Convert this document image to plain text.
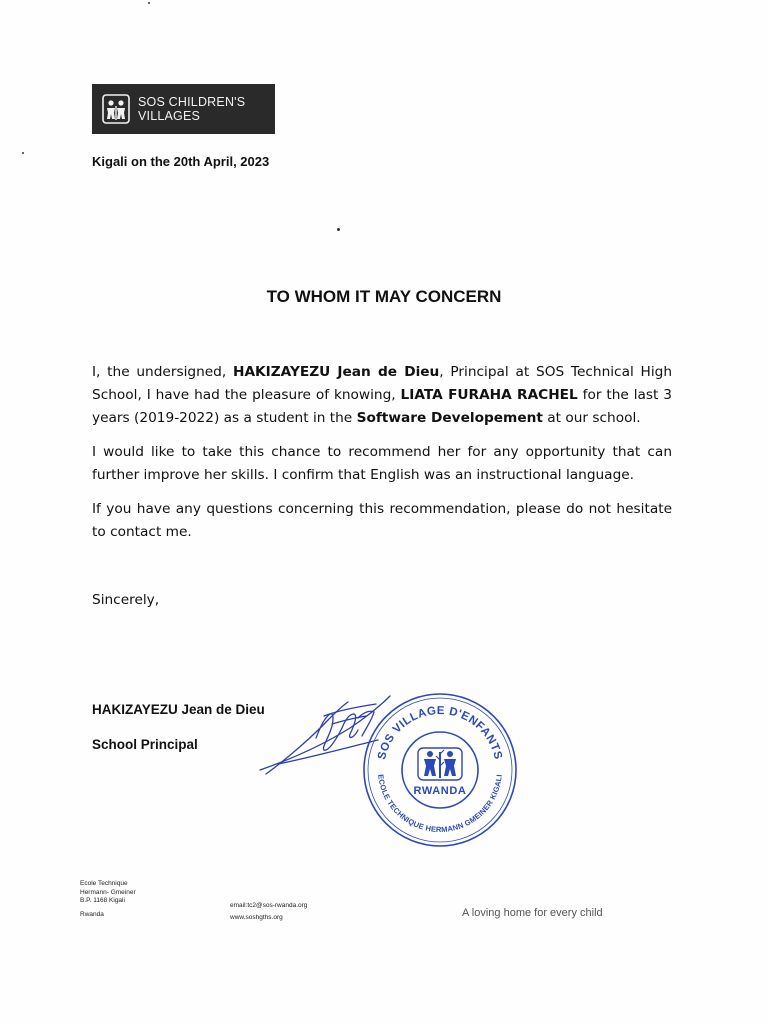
SOS CHILDREN'S
VILLAGES
Kigali on the 20th April, 2023
TO WHOM IT MAY CONCERN

I, the undersigned, HAKIZAYEZU Jean de Dieu, Principal at SOS Technical High School, I have had the pleasure of knowing, LIATA FURAHA RACHEL for the last 3 years (2019-2022) as a student in the Software Developement at our school.

I would like to take this chance to recommend her for any opportunity that can further improve her skills. I confirm that English was an instructional language.

If you have any questions concerning this recommendation, please do not hesitate to contact me.

Sincerely,
HAKIZAYEZU Jean de Dieu
School Principal
SOS VILLAGE D'ENFANTS
ECOLE TECHNIQUE HERMANN GMEINER KIGALI
RWANDA
Ecole Technique
Hermann- Gmeiner
B.P. 1168 Kigali
Rwanda
email:tc2@sos-rwanda.org
www.soshgths.org	A loving home for every child
